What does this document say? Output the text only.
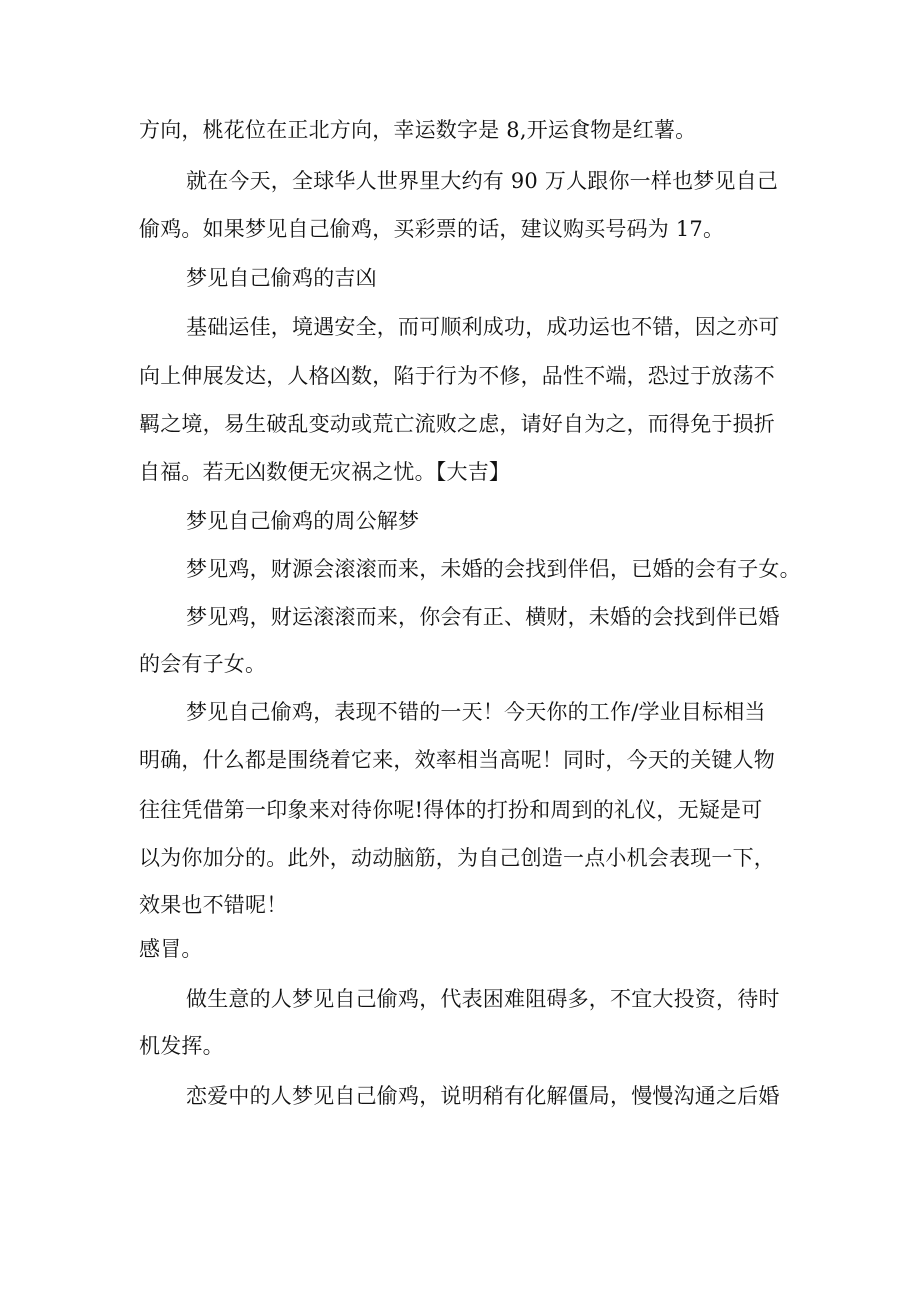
方向，桃花位在正北方向，幸运数字是 8,开运食物是红薯。
就在今天，全球华人世界里大约有 90 万人跟你一样也梦见自己
偷鸡。如果梦见自己偷鸡，买彩票的话，建议购买号码为 17。
梦见自己偷鸡的吉凶
基础运佳，境遇安全，而可顺利成功，成功运也不错，因之亦可
向上伸展发达，人格凶数，陷于行为不修，品性不端，恐过于放荡不
羁之境，易生破乱变动或荒亡流败之虑，请好自为之，而得免于损折
自福。若无凶数便无灾祸之忧。【大吉】
梦见自己偷鸡的周公解梦
梦见鸡，财源会滚滚而来，未婚的会找到伴侣，已婚的会有子女。
梦见鸡，财运滚滚而来，你会有正、横财，未婚的会找到伴已婚
的会有子女。
梦见自己偷鸡，表现不错的一天！今天你的工作/学业目标相当
明确，什么都是围绕着它来，效率相当高呢！同时，今天的关键人物
往往凭借第一印象来对待你呢!得体的打扮和周到的礼仪，无疑是可
以为你加分的。此外，动动脑筋，为自己创造一点小机会表现一下，
效果也不错呢！
感冒。
做生意的人梦见自己偷鸡，代表困难阻碍多，不宜大投资，待时
机发挥。
恋爱中的人梦见自己偷鸡，说明稍有化解僵局，慢慢沟通之后婚
